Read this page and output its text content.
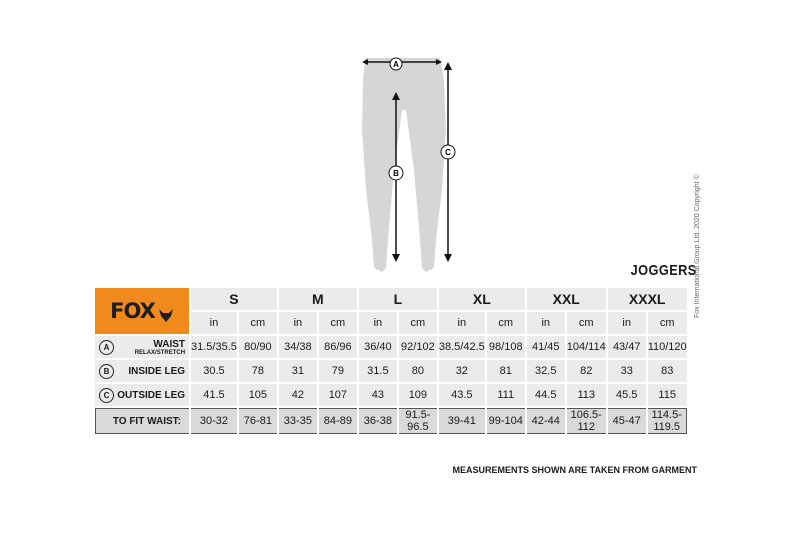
A
B
C
JOGGERS
FOX	S		M		L		XL		XXL		XXXL	
	in	cm	in	cm	in	cm	in	cm	in	cm	in	cm
A WAIST
RELAX/STRETCH	31.5/35.5	80/90	34/38	86/96	36/40	92/102	38.5/42.5	98/108	41/45	104/114	43/47	110/120
B INSIDE LEG	30.5	78	31	79	31.5	80	32	81	32.5	82	33	83
C OUTSIDE LEG	41.5	105	42	107	43	109	43.5	111	44.5	113	45.5	115
TO FIT WAIST:	30-32	76-81	33-35	84-89	36-38	91.5-96.5	39-41	99-104	42-44	106.5-112	45-47	114.5-119.5
MEASUREMENTS SHOWN ARE TAKEN FROM GARMENT
Fox International Group Ltd. 2020 Copyright ©
